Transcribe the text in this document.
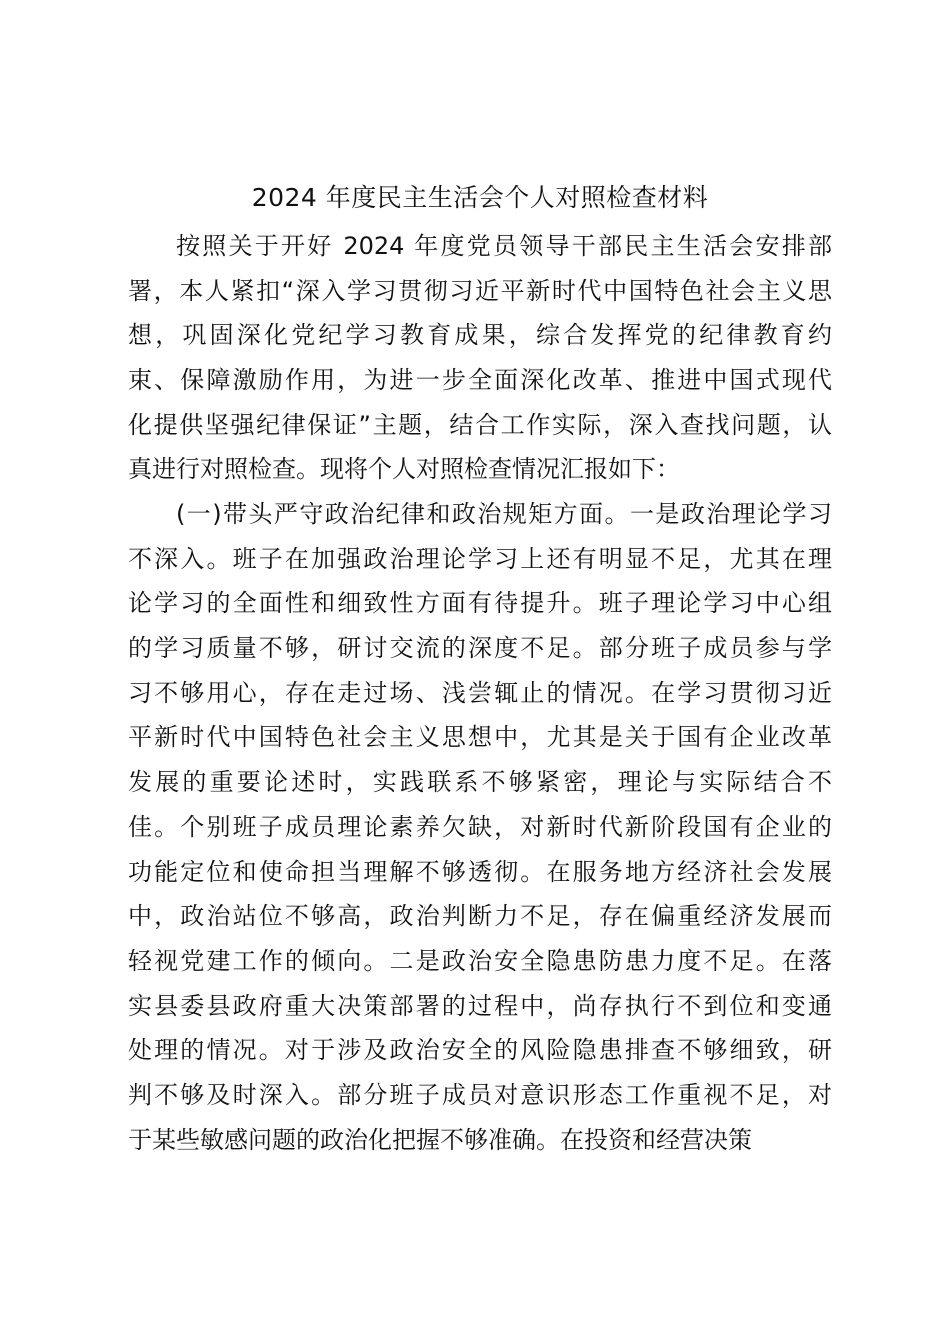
2024 年度民主生活会个人对照检查材料
按照关于开好 2024 年度党员领导干部民主生活会安排部
署，本人紧扣“深入学习贯彻习近平新时代中国特色社会主义思
想，巩固深化党纪学习教育成果，综合发挥党的纪律教育约
束、保障激励作用，为进一步全面深化改革、推进中国式现代
化提供坚强纪律保证”主题，结合工作实际，深入查找问题，认
真进行对照检查。现将个人对照检查情况汇报如下：
(一)带头严守政治纪律和政治规矩方面。一是政治理论学习
不深入。班子在加强政治理论学习上还有明显不足，尤其在理
论学习的全面性和细致性方面有待提升。班子理论学习中心组
的学习质量不够，研讨交流的深度不足。部分班子成员参与学
习不够用心，存在走过场、浅尝辄止的情况。在学习贯彻习近
平新时代中国特色社会主义思想中，尤其是关于国有企业改革
发展的重要论述时，实践联系不够紧密，理论与实际结合不
佳。个别班子成员理论素养欠缺，对新时代新阶段国有企业的
功能定位和使命担当理解不够透彻。在服务地方经济社会发展
中，政治站位不够高，政治判断力不足，存在偏重经济发展而
轻视党建工作的倾向。二是政治安全隐患防患力度不足。在落
实县委县政府重大决策部署的过程中，尚存执行不到位和变通
处理的情况。对于涉及政治安全的风险隐患排查不够细致，研
判不够及时深入。部分班子成员对意识形态工作重视不足，对
于某些敏感问题的政治化把握不够准确。在投资和经营决策
